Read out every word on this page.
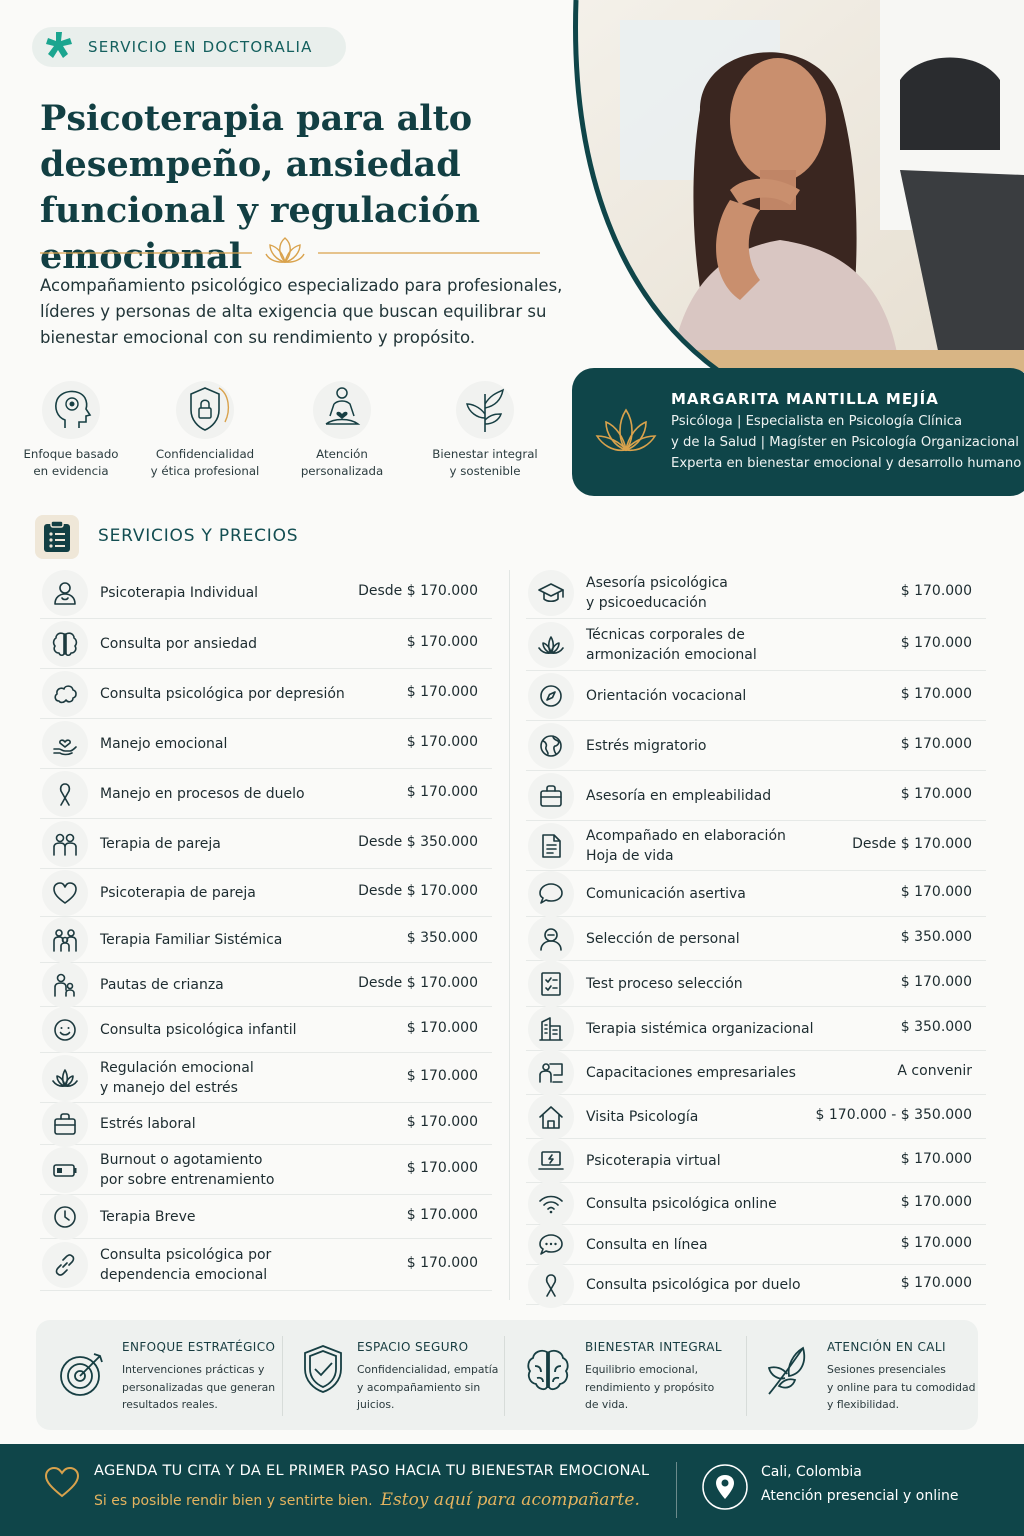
SERVICIO EN DOCTORALIA
Psicoterapia para alto
desempeño, ansiedad
funcional y regulación emocional

Acompañamiento psicológico especializado para profesionales, líderes y personas de alta exigencia que buscan equilibrar su bienestar emocional con su rendimiento y propósito.

Enfoque basado
en evidencia
Confidencialidad
y ética profesional
Atención
personalizada
Bienestar integral
y sostenible
MARGARITA MANTILLA MEJÍA
Psicóloga | Especialista en Psicología Clínica
y de la Salud | Magíster en Psicología Organizacional
Experta en bienestar emocional y desarrollo humano
SERVICIOS Y PRECIOS
Psicoterapia Individual	Desde $ 170.000
Consulta por ansiedad	$ 170.000
Consulta psicológica por depresión	$ 170.000
Manejo emocional	$ 170.000
Manejo en procesos de duelo	$ 170.000
Terapia de pareja	Desde $ 350.000
Psicoterapia de pareja	Desde $ 170.000
Terapia Familiar Sistémica	$ 350.000
Pautas de crianza	Desde $ 170.000
Consulta psicológica infantil	$ 170.000
Regulación emocional
y manejo del estrés
$ 170.000
Estrés laboral	$ 170.000
Burnout o agotamiento
por sobre entrenamiento
$ 170.000
Terapia Breve	$ 170.000
Consulta psicológica por
dependencia emocional
$ 170.000
Asesoría psicológica
y psicoeducación
$ 170.000
Técnicas corporales de
armonización emocional
$ 170.000
Orientación vocacional	$ 170.000
Estrés migratorio	$ 170.000
Asesoría en empleabilidad	$ 170.000
Acompañado en elaboración
Hoja de vida
Desde $ 170.000
Comunicación asertiva	$ 170.000
Selección de personal	$ 350.000
Test proceso selección	$ 170.000
Terapia sistémica organizacional	$ 350.000
Capacitaciones empresariales	A convenir
Visita Psicología	$ 170.000 - $ 350.000
Psicoterapia virtual	$ 170.000
Consulta psicológica online	$ 170.000
Consulta en línea	$ 170.000
Consulta psicológica por duelo	$ 170.000
ENFOQUE ESTRATÉGICO
Intervenciones prácticas y
personalizadas que generan
resultados reales.
ESPACIO SEGURO
Confidencialidad, empatía
y acompañamiento sin
juicios.
BIENESTAR INTEGRAL
Equilibrio emocional,
rendimiento y propósito
de vida.
ATENCIÓN EN CALI
Sesiones presenciales
y online para tu comodidad
y flexibilidad.
AGENDA TU CITA Y DA EL PRIMER PASO HACIA TU BIENESTAR EMOCIONAL
Si es posible rendir bien y sentirte bien. Estoy aquí para acompañarte.
Cali, Colombia
Atención presencial y online
